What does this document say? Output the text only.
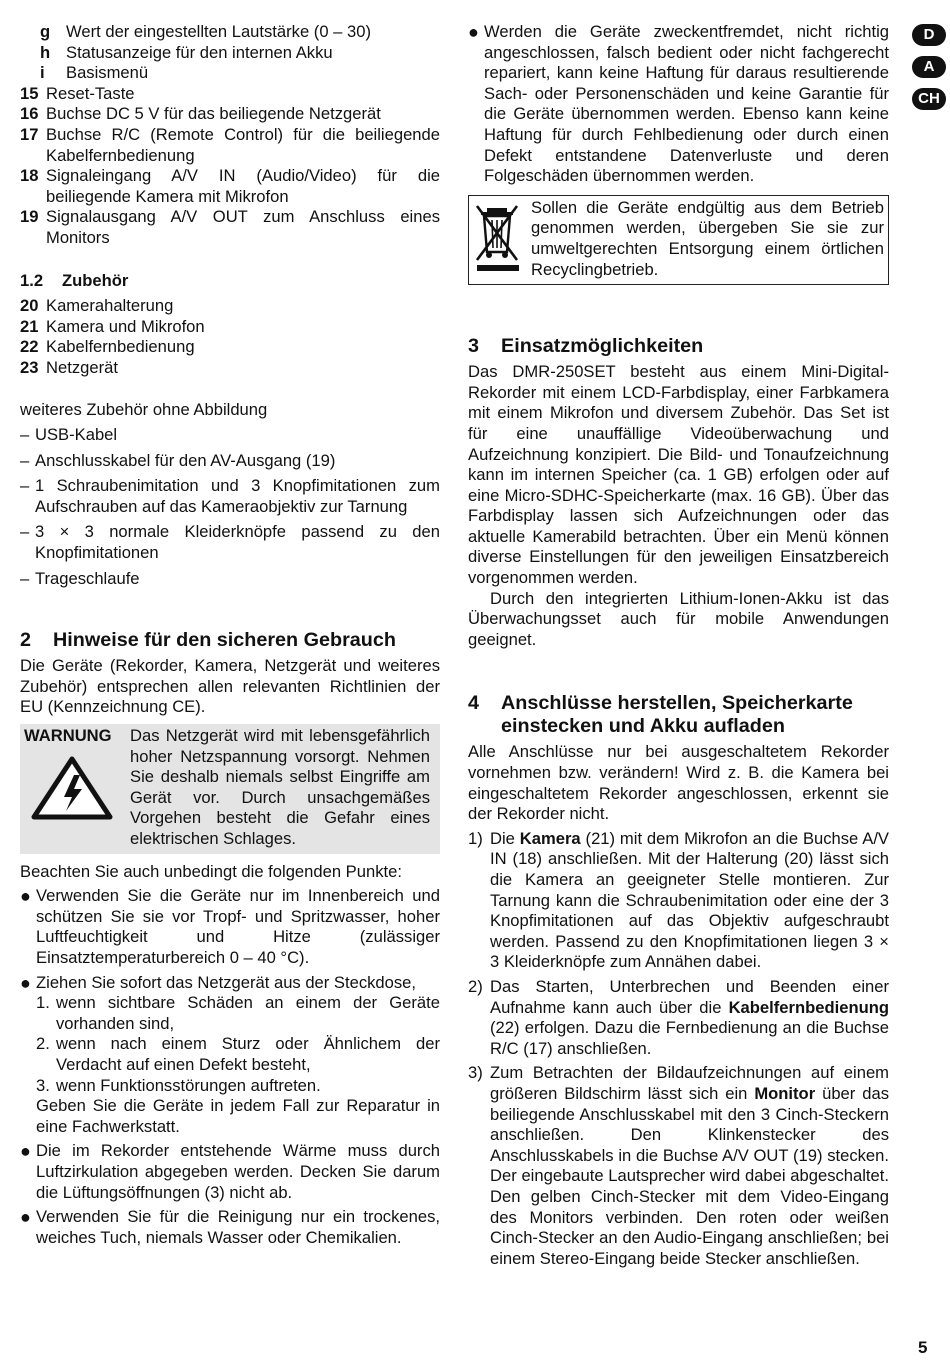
g Wert der eingestellten Lautstärke (0 – 30)
h Statusanzeige für den internen Akku
i	Basismenü
15 Reset-Taste
16 Buchse DC 5 V für das beiliegende Netzgerät
17 Buchse R/C (Remote Control) für die beiliegende Kabelfernbedienung
18 Signaleingang A/V IN (Audio/Video) für die beiliegende Kamera mit Mikrofon
19 Signalausgang A/V OUT zum Anschluss eines Monitors
1.2 Zubehör
20 Kamerahalterung
21 Kamera und Mikrofon
22 Kabelfernbedienung
23 Netzgerät

weiteres Zubehör ohne Abbildung

– USB-Kabel
– Anschlusskabel für den AV-Ausgang (19)
– 1 Schraubenimitation und 3 Knopfimitationen zum Aufschrauben auf das Kameraobjektiv zur Tarnung
– 3 × 3 normale Kleiderknöpfe passend zu den Knopfimitationen
– Trageschlaufe
2	Hinweise für den sicheren Gebrauch

Die Geräte (Rekorder, Kamera, Netzgerät und weiteres Zubehör) entsprechen allen relevanten Richtlinien der EU (Kennzeichnung CE).

WARNUNG	Das Netzgerät wird mit lebensgefährlich hoher Netzspannung vorsorgt. Nehmen Sie deshalb niemals selbst Eingriffe am Gerät vor. Durch unsachgemäßes Vorgehen besteht die Gefahr eines elektrischen Schlages.

Beachten Sie auch unbedingt die folgenden Punkte:

● Verwenden Sie die Geräte nur im Innenbereich und schützen Sie sie vor Tropf- und Spritzwasser, hoher Luftfeuchtigkeit und Hitze (zulässiger Einsatztemperaturbereich 0 – 40 °C).
● Ziehen Sie sofort das Netzgerät aus der Steckdose,
1. wenn sichtbare Schäden an einem der Geräte vorhanden sind,
2. wenn nach einem Sturz oder Ähnlichem der Verdacht auf einen Defekt besteht,
3. wenn Funktionsstörungen auftreten.
Geben Sie die Geräte in jedem Fall zur Reparatur in eine Fachwerkstatt.
● Die im Rekorder entstehende Wärme muss durch Luftzirkulation abgegeben werden. Decken Sie darum die Lüftungsöffnungen (3) nicht ab.
● Verwenden Sie für die Reinigung nur ein trockenes, weiches Tuch, niemals Wasser oder Chemikalien.
● Werden die Geräte zweckentfremdet, nicht richtig angeschlossen, falsch bedient oder nicht fachgerecht repariert, kann keine Haftung für daraus resultierende Sach- oder Personenschäden und keine Garantie für die Geräte übernommen werden. Ebenso kann keine Haftung für durch Fehlbedienung oder durch einen Defekt entstandene Datenverluste und deren Folgeschäden übernommen werden.
Sollen die Geräte endgültig aus dem Betrieb genommen werden, übergeben Sie sie zur umweltgerechten Entsorgung einem örtlichen Recyclingbetrieb.
3	Einsatzmöglichkeiten

Das DMR-250SET besteht aus einem Mini-Digital-Rekorder mit einem LCD-Farbdisplay, einer Farbkamera mit einem Mikrofon und diversem Zubehör. Das Set ist für eine unauffällige Videoüberwachung und Aufzeichnung konzipiert. Die Bild- und Tonaufzeichnung kann im internen Speicher (ca. 1 GB) erfolgen oder auf eine Micro-SDHC-Speicherkarte (max. 16 GB). Über das Farbdisplay lassen sich Aufzeichnungen oder das aktuelle Kamerabild betrachten. Über ein Menü können diverse Einstellungen für den jeweiligen Einsatzbereich vorgenommen werden.

Durch den integrierten Lithium-Ionen-Akku ist das Überwachungsset auch für mobile Anwendungen geeignet.

4	Anschlüsse herstellen, Speicherkarte einstecken und Akku aufladen

Alle Anschlüsse nur bei ausgeschaltetem Rekorder vornehmen bzw. verändern! Wird z. B. die Kamera bei eingeschaltetem Rekorder angeschlossen, erkennt sie der Rekorder nicht.

1) Die Kamera (21) mit dem Mikrofon an die Buchse A/V IN (18) anschließen. Mit der Halterung (20) lässt sich die Kamera an geeigneter Stelle montieren. Zur Tarnung kann die Schraubenimitation oder eine der 3 Knopfimitationen auf das Objektiv aufgeschraubt werden. Passend zu den Knopfimitationen liegen 3 × 3 Kleiderknöpfe zum Annähen dabei.
2) Das Starten, Unterbrechen und Beenden einer Aufnahme kann auch über die Kabelfernbedienung (22) erfolgen. Dazu die Fernbedienung an die Buchse R/C (17) anschließen.
3) Zum Betrachten der Bildaufzeichnungen auf einem größeren Bildschirm lässt sich ein Monitor über das beiliegende Anschlusskabel mit den 3 Cinch-Steckern anschließen. Den Klinkenstecker des Anschlusskabels in die Buchse A/V OUT (19) stecken. Der eingebaute Lautsprecher wird dabei abgeschaltet. Den gelben Cinch-Stecker mit dem Video-Eingang des Monitors verbinden. Den roten oder weißen Cinch-Stecker an den Audio-Eingang anschließen; bei einem Stereo-Eingang beide Stecker anschließen.
D
A
CH
5
